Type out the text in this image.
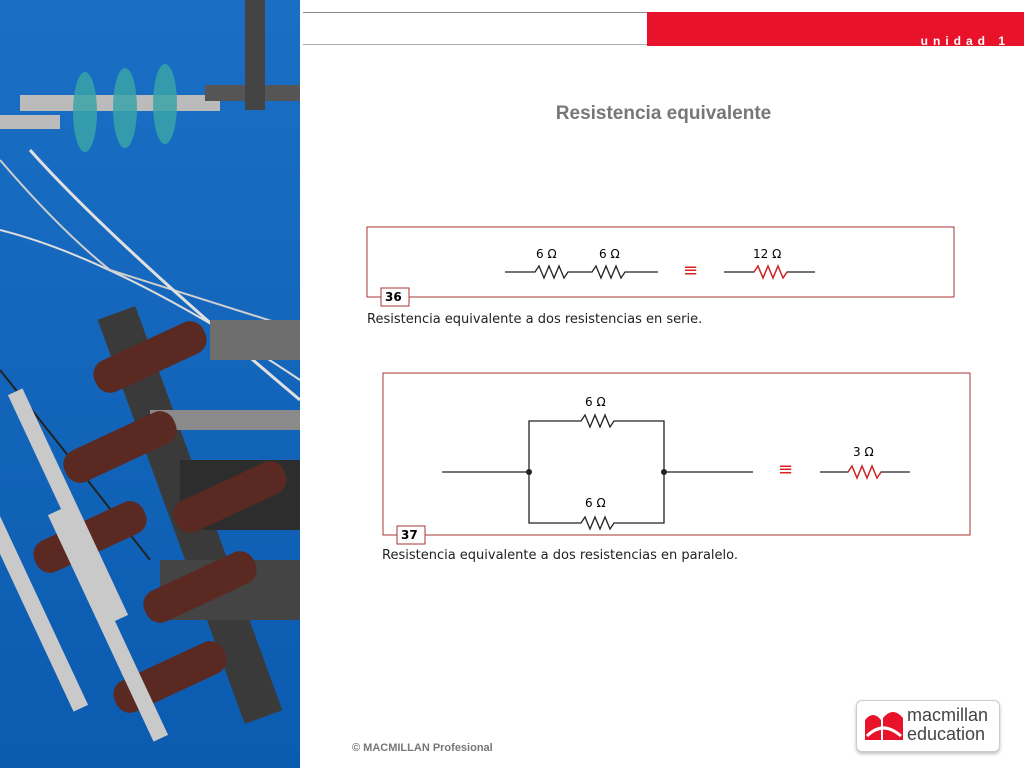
unidad 1
Resistencia equivalente
6 Ω	6 Ω	12 Ω
≡
36
Resistencia equivalente a dos resistencias en serie.
6 Ω
6 Ω
3 Ω
≡
37
Resistencia equivalente a dos resistencias en paralelo.
© MACMILLAN Profesional
macmillan
education
